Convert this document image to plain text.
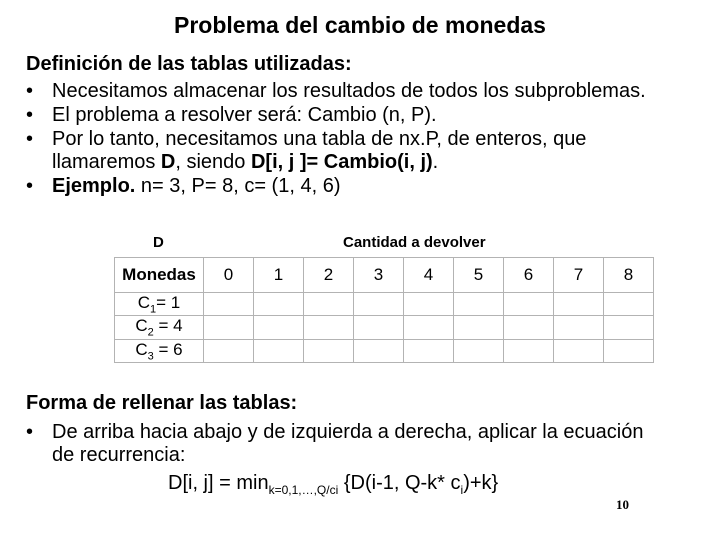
Problema del cambio de monedas
Definición de las tablas utilizadas:
• Necesitamos almacenar los resultados de todos los subproblemas.
• El problema a resolver será: Cambio (n, P).
• Por lo tanto, necesitamos una tabla de nx.P, de enteros, que llamaremos D, siendo D[i, j ]= Cambio(i, j).
• Ejemplo. n= 3, P= 8, c= (1, 4, 6)
D	Cantidad a devolver
Monedas	0	1	2	3	4	5	6	7	8
$C_1= 1$									
$C_2 = 4$									
$C_3 = 6$									
Forma de rellenar las tablas:
• De arriba hacia abajo y de izquierda a derecha, aplicar la ecuación de recurrencia:
D[i, $j] = \min_{k=0,1,\dots,Q/ci} \{D(i-1$, Q-k* $c_i)+k$}
10
